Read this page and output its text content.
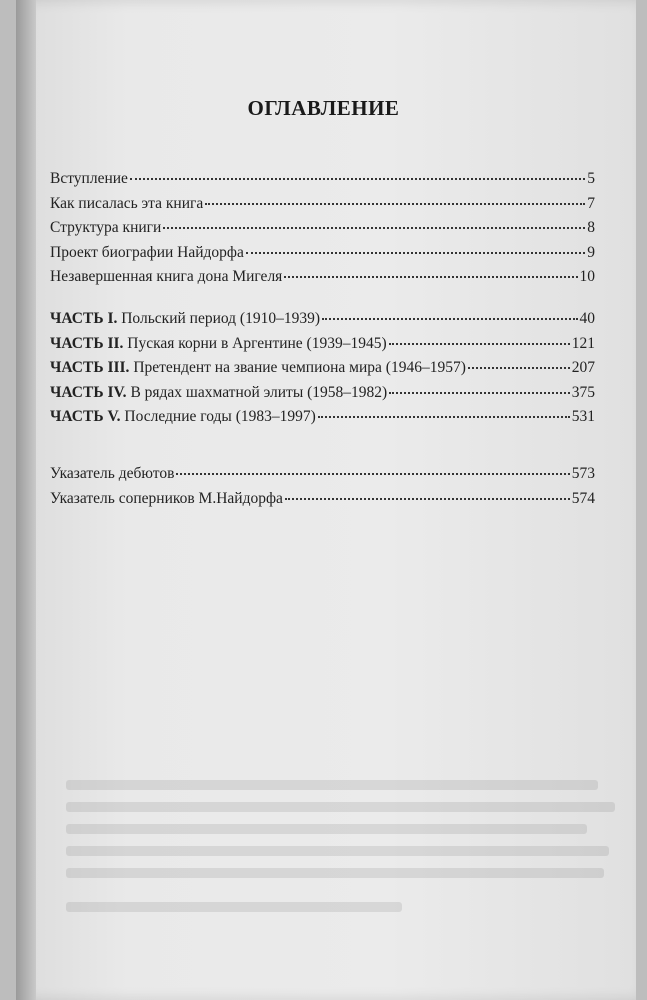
ОГЛАВЛЕНИЕ
Вступление	5
Как писалась эта книга	7
Структура книги	8
Проект биографии Найдорфа	9
Незавершенная книга дона Мигеля	10
ЧАСТЬ I. Польский период (1910–1939)	40
ЧАСТЬ II. Пуская корни в Аргентине (1939–1945)	121
ЧАСТЬ III. Претендент на звание чемпиона мира (1946–1957)	207
ЧАСТЬ IV. В рядах шахматной элиты (1958–1982)	375
ЧАСТЬ V. Последние годы (1983–1997)	531
Указатель дебютов	573
Указатель соперников М.Найдорфа	574
